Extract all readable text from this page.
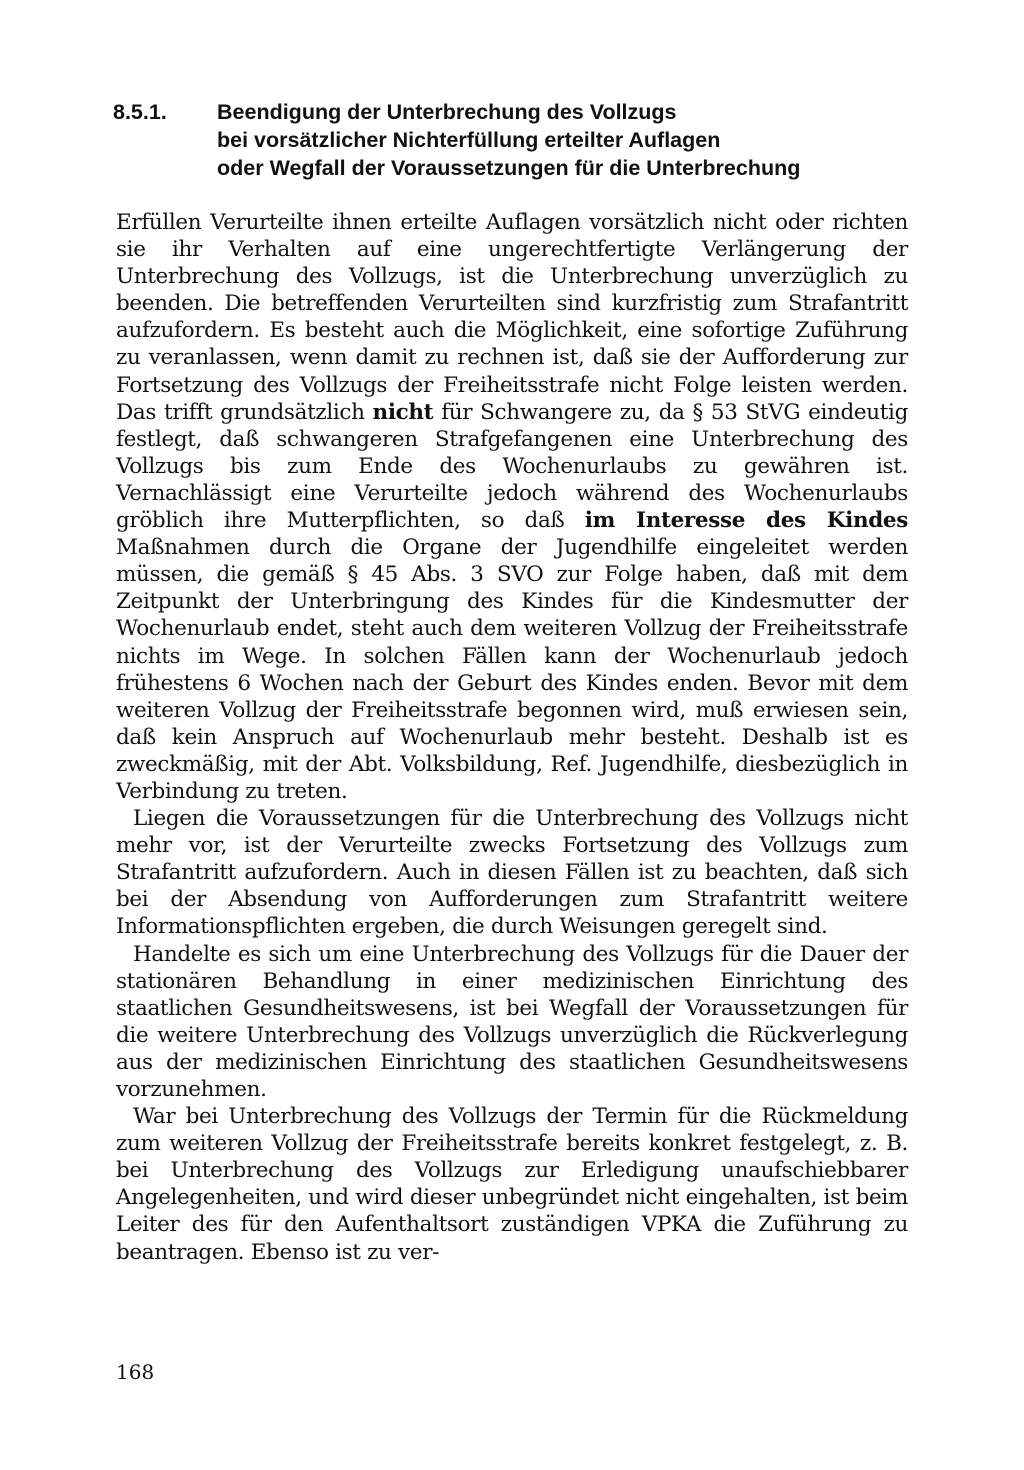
8.5.1. Beendigung der Unterbrechung des Vollzugs
bei vorsätzlicher Nichterfüllung erteilter Auflagen
oder Wegfall der Voraussetzungen für die Unterbrechung

Erfüllen Verurteilte ihnen erteilte Auflagen vorsätzlich nicht oder richten sie ihr Verhalten auf eine ungerechtfertigte Verlängerung der Unterbrechung des Vollzugs, ist die Unterbrechung unverzüglich zu beenden. Die betreffenden Verurteilten sind kurzfristig zum Strafantritt aufzufordern. Es besteht auch die Möglichkeit, eine sofortige Zuführung zu veranlassen, wenn damit zu rechnen ist, daß sie der Aufforderung zur Fortsetzung des Vollzugs der Freiheitsstrafe nicht Folge leisten werden. Das trifft grundsätzlich nicht für Schwangere zu, da § 53 StVG eindeutig festlegt, daß schwangeren Strafgefangenen eine Unterbrechung des Vollzugs bis zum Ende des Wochenurlaubs zu gewähren ist. Vernachlässigt eine Verurteilte jedoch während des Wochenurlaubs gröblich ihre Mutterpflichten, so daß im Interesse des Kindes Maßnahmen durch die Organe der Jugendhilfe eingeleitet werden müssen, die gemäß § 45 Abs. 3 SVO zur Folge haben, daß mit dem Zeitpunkt der Unterbringung des Kindes für die Kindesmutter der Wochenurlaub endet, steht auch dem weiteren Vollzug der Freiheitsstrafe nichts im Wege. In solchen Fällen kann der Wochenurlaub jedoch frühestens 6 Wochen nach der Geburt des Kindes enden. Bevor mit dem weiteren Vollzug der Freiheitsstrafe begonnen wird, muß erwiesen sein, daß kein Anspruch auf Wochenurlaub mehr besteht. Deshalb ist es zweckmäßig, mit der Abt. Volksbildung, Ref. Jugendhilfe, diesbezüglich in Verbindung zu treten.

Liegen die Voraussetzungen für die Unterbrechung des Vollzugs nicht mehr vor, ist der Verurteilte zwecks Fortsetzung des Vollzugs zum Strafantritt aufzufordern. Auch in diesen Fällen ist zu beachten, daß sich bei der Absendung von Aufforderungen zum Strafantritt weitere Informationspflichten ergeben, die durch Weisungen geregelt sind.

Handelte es sich um eine Unterbrechung des Vollzugs für die Dauer der stationären Behandlung in einer medizinischen Einrichtung des staatlichen Gesundheitswesens, ist bei Wegfall der Voraussetzungen für die weitere Unterbrechung des Vollzugs unverzüglich die Rückverlegung aus der medizinischen Einrichtung des staatlichen Gesundheitswesens vorzunehmen.

War bei Unterbrechung des Vollzugs der Termin für die Rückmeldung zum weiteren Vollzug der Freiheitsstrafe bereits konkret festgelegt, z. B. bei Unterbrechung des Vollzugs zur Erledigung unaufschiebbarer Angelegenheiten, und wird dieser unbegründet nicht eingehalten, ist beim Leiter des für den Aufenthaltsort zuständigen VPKA die Zuführung zu beantragen. Ebenso ist zu ver-

168
